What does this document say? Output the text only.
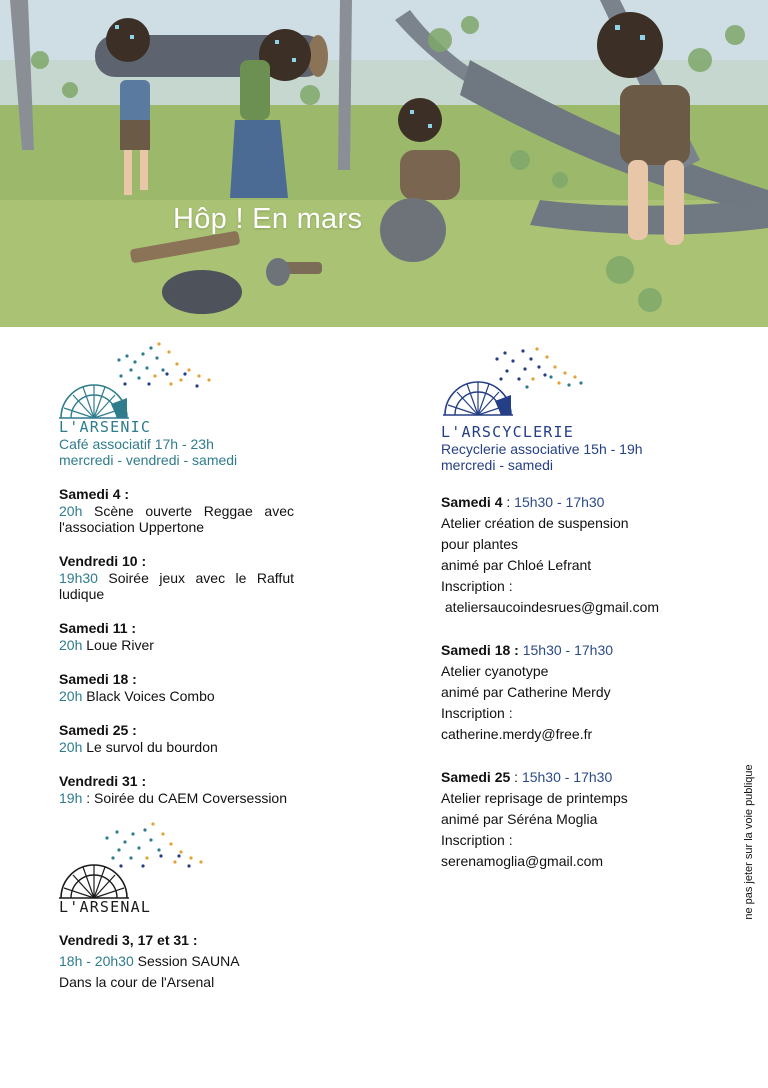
Hôp ! En mars
L'ARSENIC
Café associatif 17h - 23h
mercredi - vendredi - samedi
Samedi 4 :
20h Scène ouverte Reggae avec l'association Uppertone
Vendredi 10 :
19h30 Soirée jeux avec le Raffut ludique
Samedi 11 :
20h Loue River
Samedi 18 :
20h Black Voices Combo
Samedi 25 :
20h Le survol du bourdon
Vendredi 31 :
19h : Soirée du CAEM Coversession
L'ARSENAL
Vendredi 3, 17 et 31 :
18h - 20h30 Session SAUNA
Dans la cour de l'Arsenal
L'ARSCYCLERIE
Recyclerie associative 15h - 19h
mercredi - samedi
Samedi 4 : 15h30 - 17h30
Atelier création de suspension
pour plantes
animé par Chloé Lefrant
Inscription :
ateliersaucoindesrues@gmail.com
Samedi 18 : 15h30 - 17h30
Atelier cyanotype
animé par Catherine Merdy
Inscription :
catherine.merdy@free.fr
Samedi 25 : 15h30 - 17h30
Atelier reprisage de printemps
animé par Séréna Moglia
Inscription :
serenamoglia@gmail.com	ne pas jeter sur la voie publique
